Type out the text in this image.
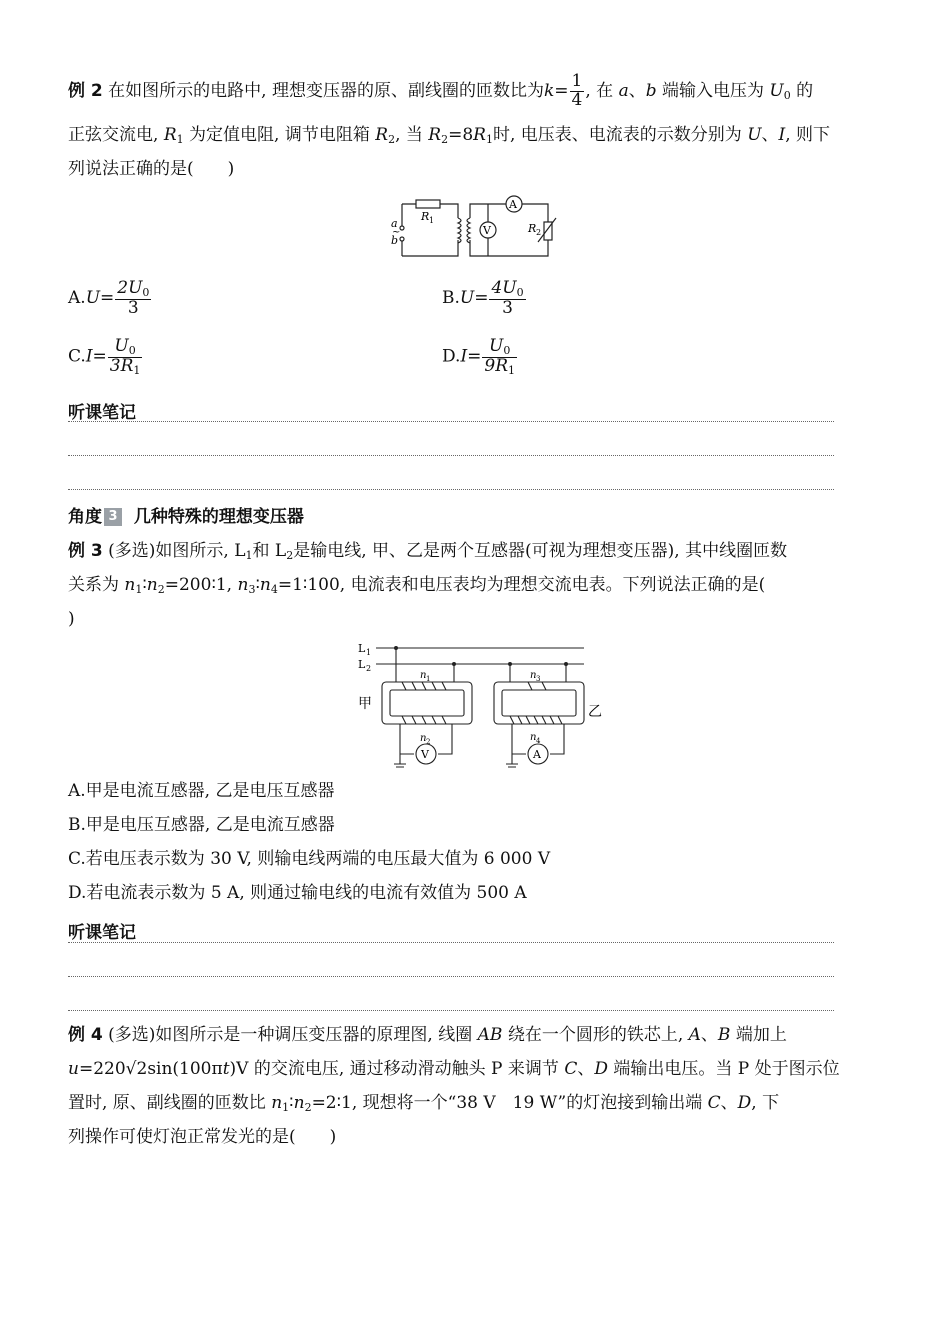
例 2 在如图所示的电路中, 理想变压器的原、副线圈的匝数比为$k= \frac{1}{4}$ , 在 a、b 端输入电压为 $U_0$ 的
正弦交流电, $R_1$ 为定值电阻, 调节电阻箱 $R_2$, 当 $R_2=8R_1$时, 电压表、电流表的示数分别为 U、I, 则下
列说法正确的是(　　)
V
A
R 1
R 2
a
~
b
$A.U= \frac{2U_0}{3}$	$B.U= \frac{4U_0}{3}$
$C.I= \frac{U_0}{3R_1}$	$D.I= \frac{U_0}{9R_1}$
听课笔记
角度 3 几种特殊的理想变压器
例 3 (多选)如图所示, $L_1$和 $L_2$是输电线, 甲、乙是两个互感器(可视为理想变压器), 其中线圈匝数
关系为 $n_1∶n_2=200∶1$, $n_3∶n_4=1∶100$, 电流表和电压表均为理想交流电表。下列说法正确的是(
)
L 1
L 2
甲	乙
n 1
n 2
n 3
n 4
V	A
A.甲是电流互感器, 乙是电压互感器
B.甲是电压互感器, 乙是电流互感器
C.若电压表示数为 30 V, 则输电线两端的电压最大值为 6 000 V
D.若电流表示数为 5 A, 则通过输电线的电流有效值为 500 A
听课笔记
例 4 (多选)如图所示是一种调压变压器的原理图, 线圈 AB 绕在一个圆形的铁芯上, A、B 端加上
u=220√2sin(100πt)V 的交流电压, 通过移动滑动触头 P 来调节 C、D 端输出电压。当 P 处于图示位
置时, 原、副线圈的匝数比 $n_1∶n_2=2∶1$, 现想将一个“38 V　19 W”的灯泡接到输出端 C、D, 下
列操作可使灯泡正常发光的是(　　)
